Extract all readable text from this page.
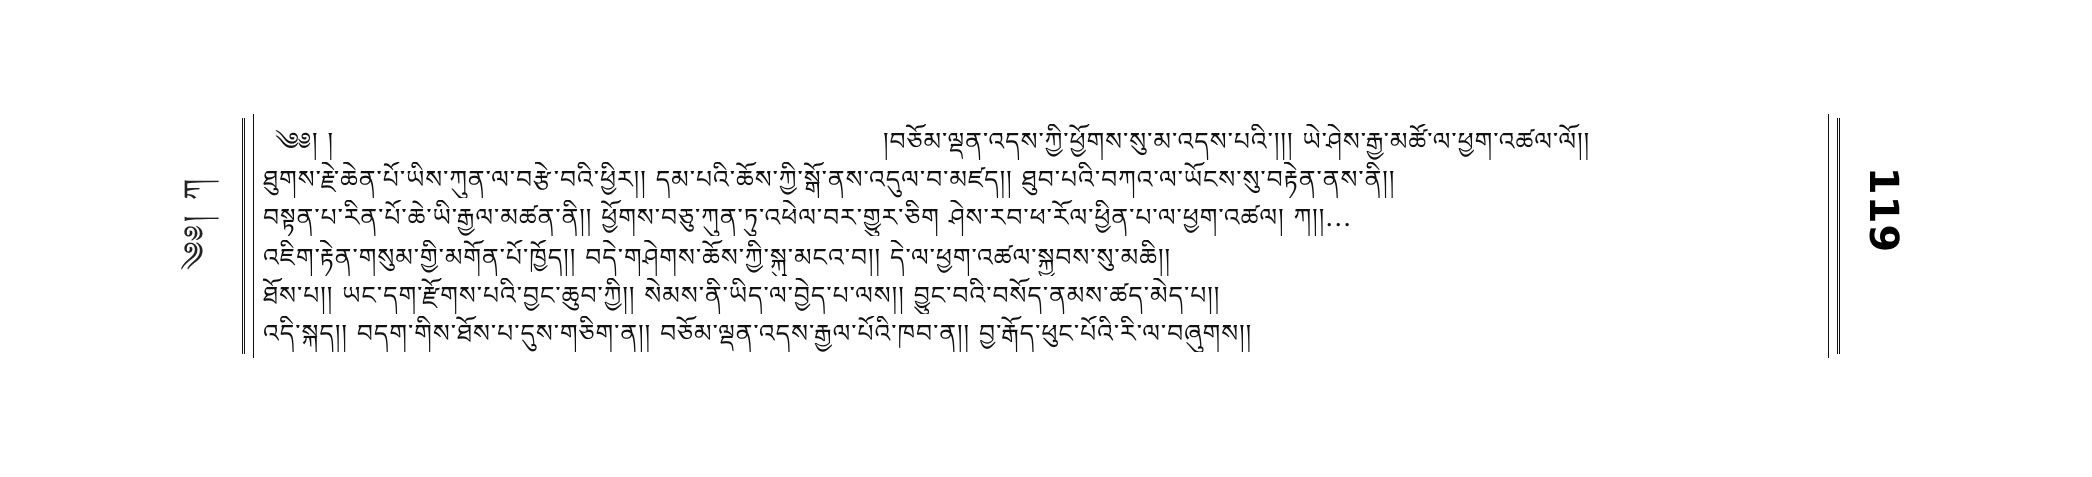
༄༅། ཀ
༄༅། །	།བཅོམ་ལྡན་འདས་ཀྱི་ཕྱོགས་སུ་མ་འདས་པའི་།།། ཡེ་ཤེས་རྒྱ་མཚོ་ལ་ཕྱག་འཚལ་ལོ།།
ཐུགས་རྗེ་ཆེན་པོ་ཡིས་ཀུན་ལ་བརྩེ་བའི་ཕྱིར།། དམ་པའི་ཆོས་ཀྱི་སྒོ་ནས་འདུལ་བ་མཛད།། ཐུབ་པའི་བཀའ་ལ་ཡོངས་སུ་བརྟེན་ནས་ནི།།
བསྟན་པ་རིན་པོ་ཆེ་ཡི་རྒྱལ་མཚན་ནི།། ཕྱོགས་བཅུ་ཀུན་ཏུ་འཕེལ་བར་གྱུར་ཅིག ཤེས་རབ་ཕ་རོལ་ཕྱིན་པ་ལ་ཕྱག་འཚལ། ཀ།།...
འཇིག་རྟེན་གསུམ་གྱི་མགོན་པོ་ཁྱོད།། བདེ་གཤེགས་ཆོས་ཀྱི་སྐུ་མངའ་བ།། དེ་ལ་ཕྱག་འཚལ་སྐྱབས་སུ་མཆི།།
ཐོས་པ།། ཡང་དག་རྫོགས་པའི་བྱང་ཆུབ་ཀྱི།། སེམས་ནི་ཡིད་ལ་བྱེད་པ་ལས།། བྱུང་བའི་བསོད་ནམས་ཚད་མེད་པ།།
འདི་སྐད།། བདག་གིས་ཐོས་པ་དུས་གཅིག་ན།། བཅོམ་ལྡན་འདས་རྒྱལ་པོའི་ཁབ་ན།། བྱ་རྒོད་ཕུང་པོའི་རི་ལ་བཞུགས།།
119
